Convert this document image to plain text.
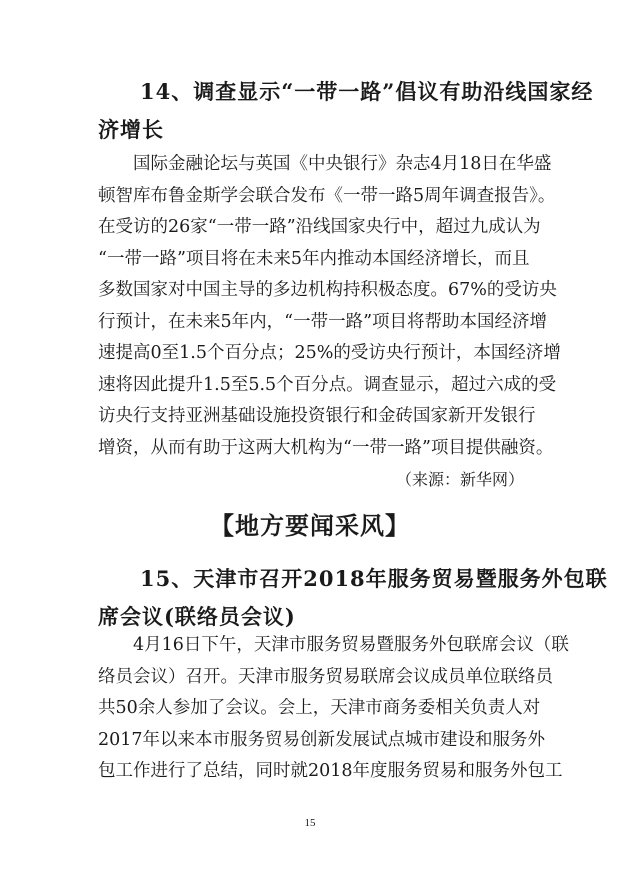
14、调查显示“一带一路”倡议有助沿线国家经
济增长
国际金融论坛与英国《中央银行》杂志4月18日在华盛
顿智库布鲁金斯学会联合发布《一带一路5周年调查报告》。
在受访的26家“一带一路”沿线国家央行中，超过九成认为
“一带一路”项目将在未来5年内推动本国经济增长，而且
多数国家对中国主导的多边机构持积极态度。67%的受访央
行预计，在未来5年内，“一带一路”项目将帮助本国经济增
速提高0至1.5个百分点；25%的受访央行预计，本国经济增
速将因此提升1.5至5.5个百分点。调查显示，超过六成的受
访央行支持亚洲基础设施投资银行和金砖国家新开发银行
增资，从而有助于这两大机构为“一带一路”项目提供融资。

（来源：新华网）

【地方要闻采风】
15、天津市召开2018年服务贸易暨服务外包联
席会议(联络员会议)
4月16日下午，天津市服务贸易暨服务外包联席会议（联
络员会议）召开。天津市服务贸易联席会议成员单位联络员
共50余人参加了会议。会上，天津市商务委相关负责人对
2017年以来本市服务贸易创新发展试点城市建设和服务外
包工作进行了总结，同时就2018年度服务贸易和服务外包工

15
